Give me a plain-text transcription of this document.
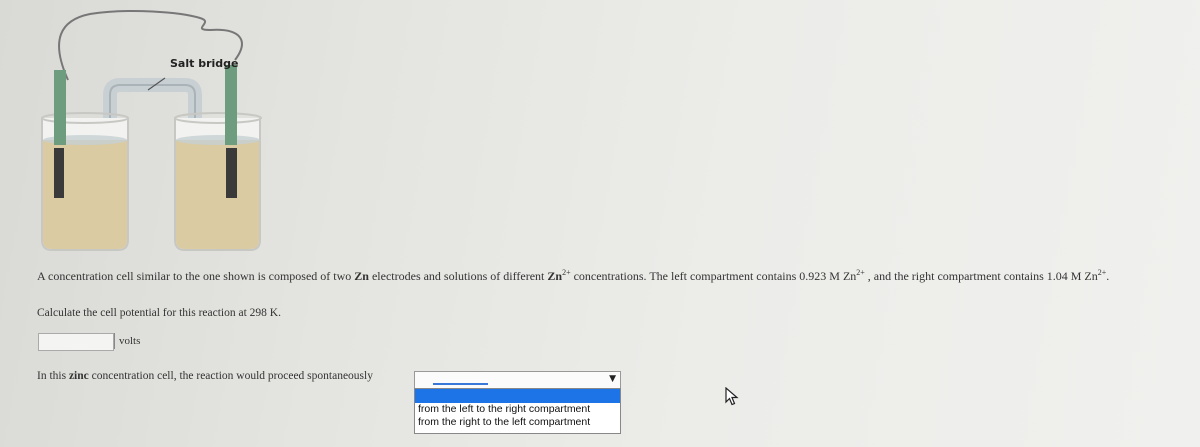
Salt bridge
A concentration cell similar to the one shown is composed of two Zn electrodes and solutions of different $Zn^{2+}$ concentrations. The left compartment contains 0.923 M $Zn^{2+}$ , and the right compartment contains 1.04 M $Zn^{2+}$.
Calculate the cell potential for this reaction at 298 K.
volts
In this zinc concentration cell, the reaction would proceed spontaneously	▼
from the left to the right compartment
from the right to the left compartment
